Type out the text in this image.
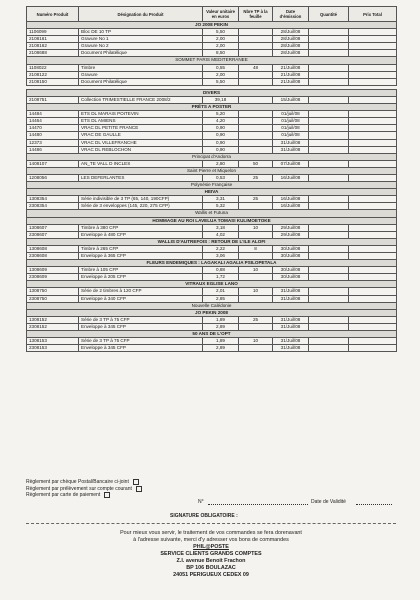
Numéro Produit	Désignation du Produit	Valeur unitaire en euros	Nbre TP à la feuille	Date d'émission	Quantité	Prix Total
JO 2008 PEKIN						
1106099	Bloc DE 10 TP	5,50		28/Juil/08		
2108161	Gravure No 1	2,00		28/Juil/08		
2108162	Gravure No 2	2,00		28/Juil/08		
2108688	Document Philatélique	8,50		28/Juil/08		
SOMMET PARIS MEDITERRANEE						
1108022	Timbre	0,55	48	21/Juil/08		
2108122	Gravure	2,00		21/Juil/08		
2108150	Document Philatélique	5,50		21/Juil/08		

DIVERS						
2108751	Collection TRIMESTIELLE FRANCE 2008/2	39,18		15/Juil/08		
PRÊTS A POSTER						
14484	ETS DL MARAIS POITEVIN	5,20		01/juil/08		
14464	ETS DL AMIENS	4,20		01/juil/08		
14470	VRAC DL PETITE FRANCE	0,90		01/juil/08		
14480	VRAC DE GAULLE	0,90		01/juil/08		
12373	VRAC DL VILLEFRANCHE	0,90		31/Juil/08		
14486	VRAC DL REBLOCHON	0,90		31/Juil/08		
Principat d'Andorra						
1408107	AN_TE VALL D INCLES	2,80	50	07/Juil/08		
Saint Pierre et Miquelon						
1208056	LES DEFERLANTES	0,53	25	16/Juil/08		
Polynésie Française						
HEIVA						
1308354	Série indivisible de 3 TP (65, 140, 190CFP)	3,31	25	16/Juil/08		
2308354	Série de 3 enveloppes (145, 220, 275 CFP)	5,32		16/Juil/08		
Wallis et Futuna						
HOMMAGE AU ROI LAVELUA TOMASI KULIMOETOKE						
1308607	Timbre à 380 CFP	3,18	10	29/Juil/08		
2308607	Enveloppe à 480 CFP	4,02		29/Juil/08		
WALLIS D'AUTREFOIS : RETOUR DE L'ILE ALOFI						
1308608	Timbre à 265 CFP	2,22	8	30/Juil/08		
2308608	Enveloppe à 365 CFP	3,06		30/Juil/08		
FLEURS ENDEMIQUES : LAGAKALI AGALIA PSILOPETALA						
1308609	Timbre à 105 CFP	0,88	10	30/Juil/08		
2308609	Enveloppe à 205 CFP	1,72		30/Juil/08		
VITRAUX EGLISE LANO						
1308750	Série de 2 timbres à 120 CFP	2,01	10	31/Juil/08		
2308750	Enveloppe à 340 CFP	2,85		31/Juil/08		
Nouvelle Calédonie						
JO PEKIN 2008						
1308152	Série de 3 TP à 75 CFP	1,89	25	31/Juil/08		
2308152	Enveloppe à 345 CFP	2,89		31/Juil/08		
50 ANS DE L'OPT						
1308153	Série de 3 TP à 75 CFP	1,89	10	31/Juil/08		
2308153	Enveloppe à 345 CFP	2,89		31/Juil/08		
Règlement par chèque Postal/Bancaire ci-joint
Règlement par prélèvement sur compte courant
Règlement par carte de paiement
N°	Date de Validité
SIGNATURE OBLIGATOIRE :
Pour mieux vous servir, le traitement de vos commandes se fera dorenavant
à l'adresse suivante, merci d'y adresser vos bons de commandes
PHIL@POSTE
SERVICE CLIENTS GRANDS COMPTES
Z.I. avenue Benoit Frachon
BP 106 BOULAZAC
24051 PERIGUEUX CEDEX 09
